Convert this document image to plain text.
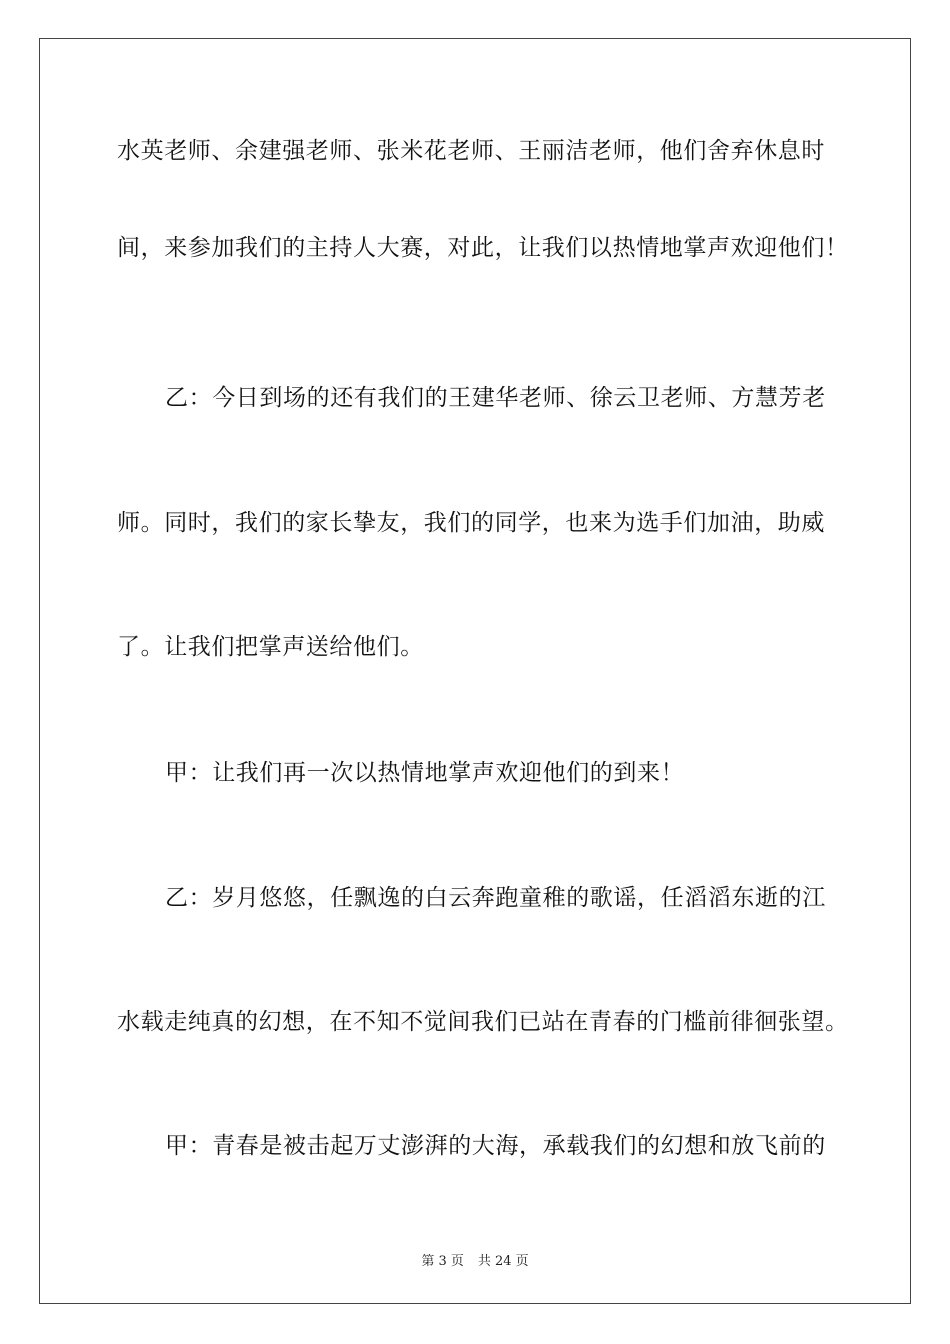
水英老师、余建强老师、张米花老师、王丽洁老师，他们舍弃休息时
间，来参加我们的主持人大赛，对此，让我们以热情地掌声欢迎他们！
乙：今日到场的还有我们的王建华老师、徐云卫老师、方慧芳老
师。同时，我们的家长挚友，我们的同学，也来为选手们加油，助威
了。让我们把掌声送给他们。
甲：让我们再一次以热情地掌声欢迎他们的到来！
乙：岁月悠悠，任飘逸的白云奔跑童稚的歌谣，任滔滔东逝的江
水载走纯真的幻想，在不知不觉间我们已站在青春的门槛前徘徊张望。
甲：青春是被击起万丈澎湃的大海，承载我们的幻想和放飞前的
第 3 页 共 24 页
